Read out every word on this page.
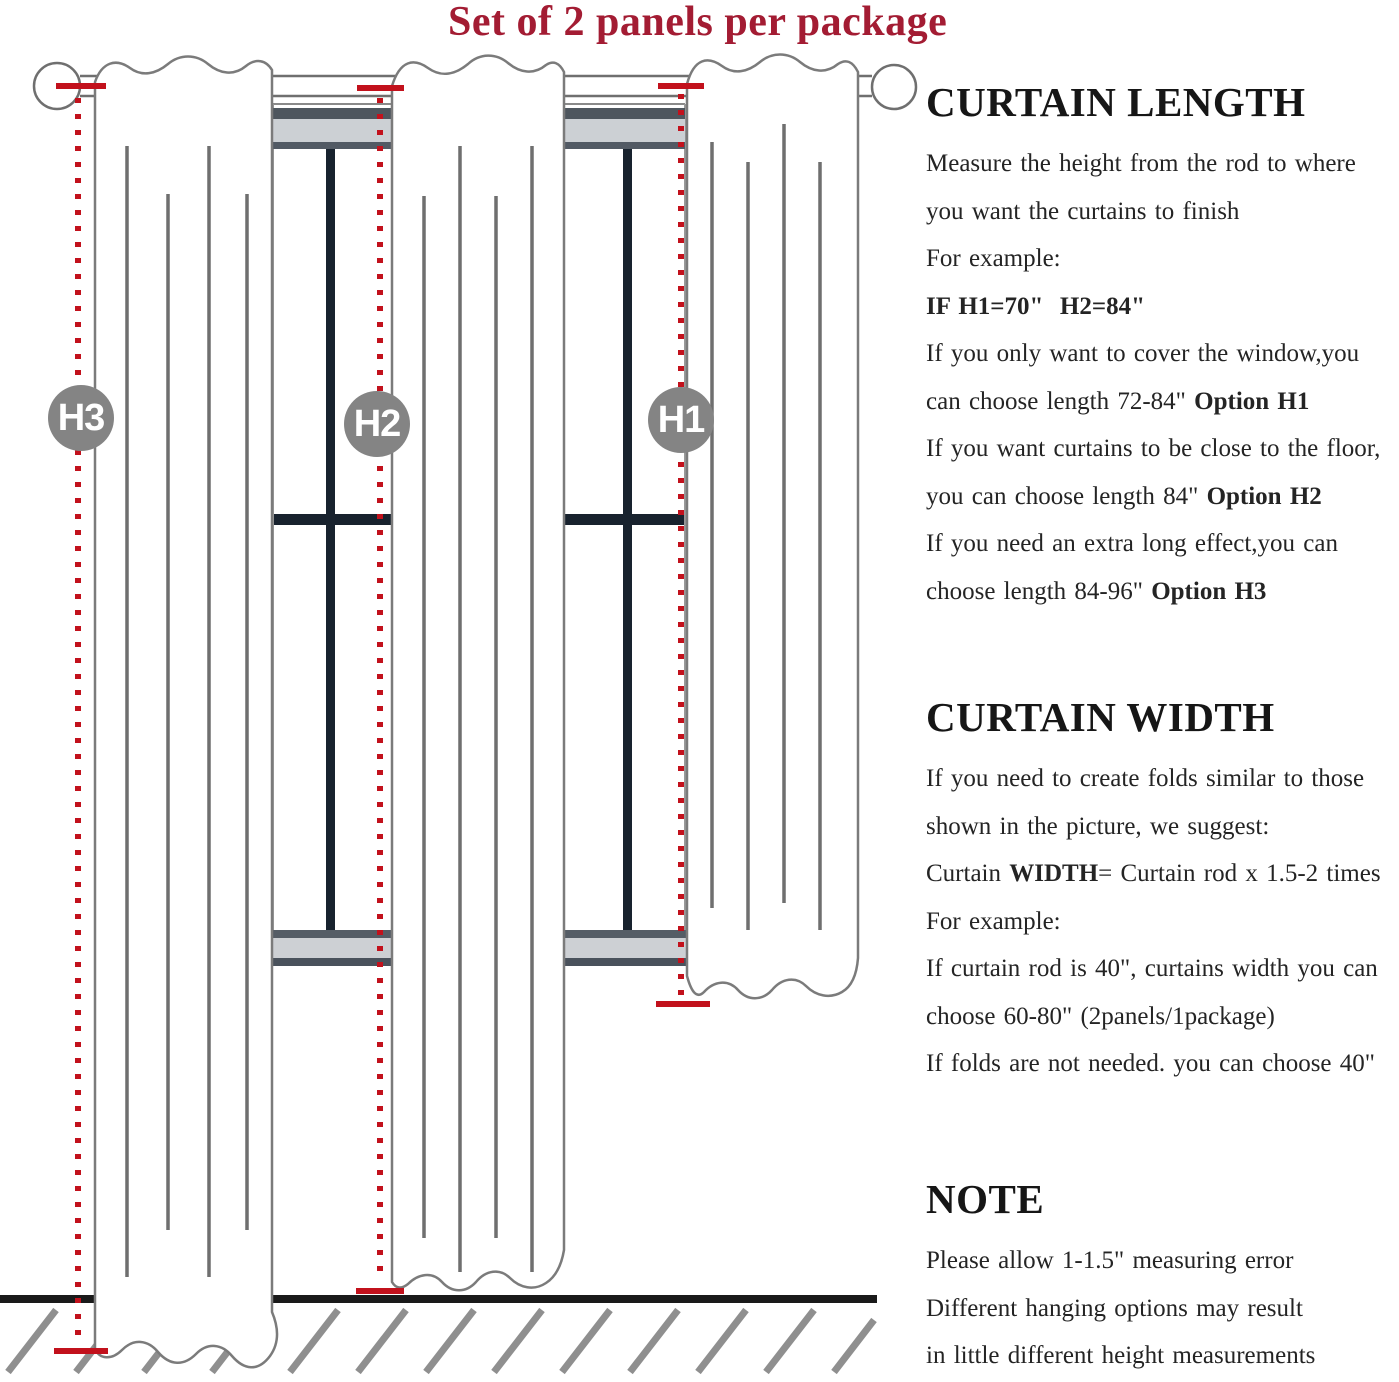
Set of 2 panels per package
H3	H2	H1
CURTAIN LENGTH
Measure the height from the rod to where
you want the curtains to finish
For example:
IF H1=70"  H2=84"
If you only want to cover the window,you
can choose length 72-84" Option H1
If you want curtains to be close to the floor,
you can choose length 84" Option H2
If you need an extra long effect,you can
choose length 84-96" Option H3
CURTAIN WIDTH
If you need to create folds similar to those
shown in the picture, we suggest:
Curtain WIDTH= Curtain rod x 1.5-2 times
For example:
If curtain rod is 40", curtains width you can
choose 60-80" (2panels/1package)
If folds are not needed. you can choose 40"
NOTE
Please allow 1-1.5" measuring error
Different hanging options may result
in little different height measurements
